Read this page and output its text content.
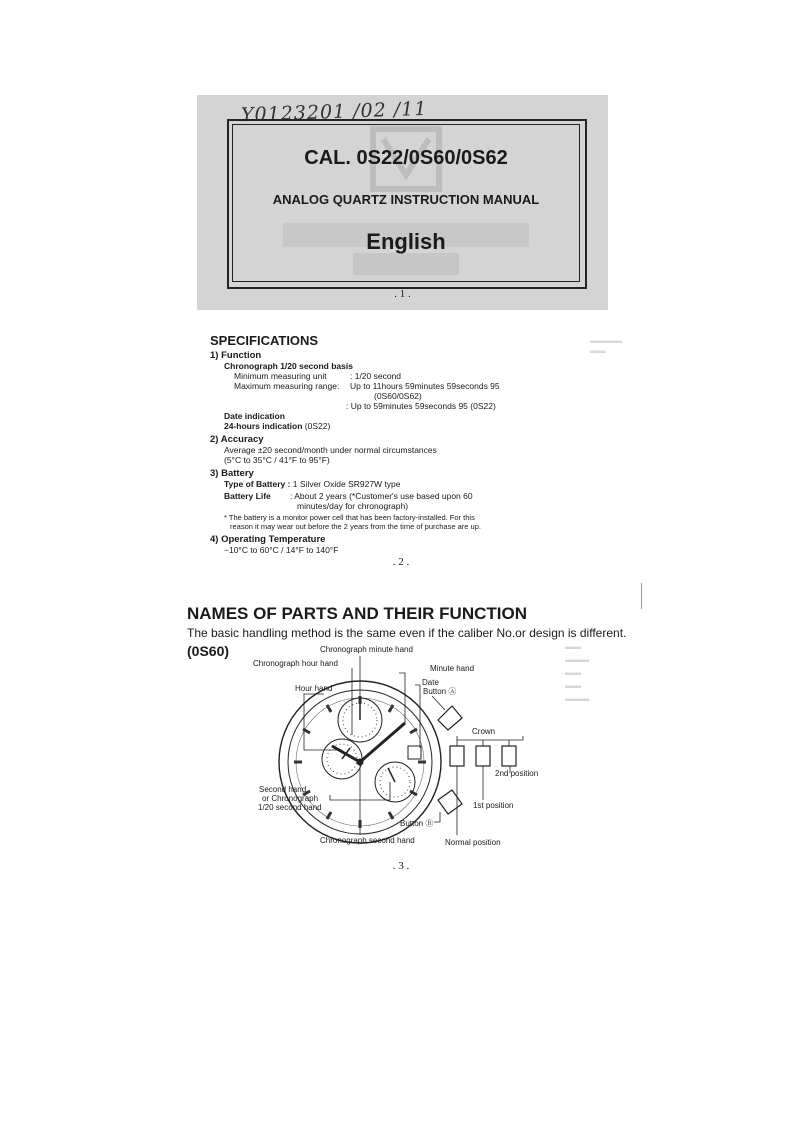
Y0123201 /02 /11
CAL. 0S22/0S60/0S62
ANALOG QUARTZ INSTRUCTION MANUAL
English
. 1 .
▬▬▬▬
▬▬
SPECIFICATIONS
1) Function
Chronograph 1/20 second basis
Minimum measuring unit	: 1/20 second
Maximum measuring range:	Up to 11hours 59minutes 59seconds 95
(0S60/0S62)
: Up to 59minutes 59seconds 95 (0S22)
Date indication
24-hours indication (0S22)
2) Accuracy
Average ±20 second/month under normal circumstances
(5°C to 35°C / 41°F to 95°F)
3) Battery
Type of Battery : 1 Silver Oxide SR927W type
Battery Life	: About 2 years (*Customer's use based upon 60
minutes/day for chronograph)
* The battery is a monitor power cell that has been factory-installed. For this
reason it may wear out before the 2 years from the time of purchase are up.
4) Operating Temperature
−10°C to 60°C / 14°F to 140°F
. 2 .
NAMES OF PARTS AND THEIR FUNCTION
The basic handling method is the same even if the caliber No.or design is different.
(0S60)	Chronograph minute hand
Chronograph hour hand
Minute hand
Hour hand
Date
Button Ⓐ
Crown
2nd position
Second hand
or Chronograph
1/20 second hand	1st position
Button Ⓑ
Chronograph second hand	Normal position
▬▬
▬▬▬
▬▬
▬▬
▬▬▬
. 3 .
